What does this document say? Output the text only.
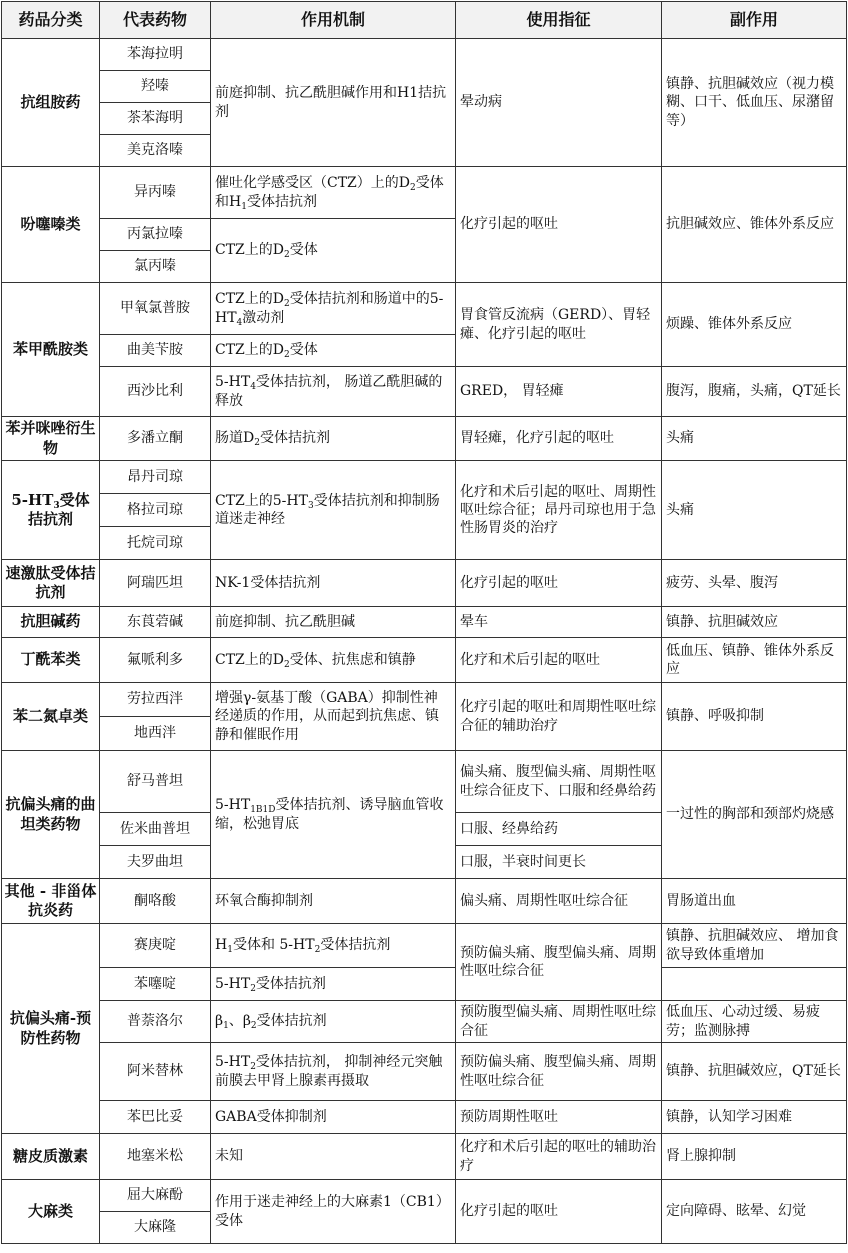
药品分类	代表药物	作用机制	使用指征	副作用
抗组胺药	苯海拉明	前庭抑制、抗乙酰胆碱作用和H1拮抗剂	晕动病	镇静、抗胆碱效应（视力模糊、口干、低血压、尿潴留等）
	羟嗪			
	茶苯海明			
	美克洛嗪			
吩噻嗪类	异丙嗪	催吐化学感受区（CTZ）上的$D_2$受体和$H_1$受体拮抗剂	化疗引起的呕吐	抗胆碱效应、锥体外系反应
	丙氯拉嗪	CTZ上的$D_2$受体		
	氯丙嗪			
苯甲酰胺类	甲氧氯普胺	CTZ上的$D_2$受体拮抗剂和肠道中的$5-HT_4$激动剂	胃食管反流病（GERD）、胃轻瘫、化疗引起的呕吐	烦躁、锥体外系反应
	曲美苄胺	CTZ上的$D_2$受体		
	西沙比利	$5-HT_4$受体拮抗剂， 肠道乙酰胆碱的释放	GRED， 胃轻瘫	腹泻，腹痛，头痛，QT延长
苯并咪唑衍生物	多潘立酮	肠道$D_2$受体拮抗剂	胃轻瘫，化疗引起的呕吐	头痛
$5-HT_3$受体拮抗剂	昂丹司琼	CTZ上的$5-HT_3$受体拮抗剂和抑制肠道迷走神经	化疗和术后引起的呕吐、周期性呕吐综合征；昂丹司琼也用于急性肠胃炎的治疗	头痛
	格拉司琼			
	托烷司琼			
速激肽受体拮抗剂	阿瑞匹坦	NK-1受体拮抗剂	化疗引起的呕吐	疲劳、头晕、腹泻
抗胆碱药	东莨菪碱	前庭抑制、抗乙酰胆碱	晕车	镇静、抗胆碱效应
丁酰苯类	氟哌利多	CTZ上的$D_2$受体、抗焦虑和镇静	化疗和术后引起的呕吐	低血压、镇静、锥体外系反应
苯二氮卓类	劳拉西泮	增强γ-氨基丁酸（GABA）抑制性神经递质的作用，从而起到抗焦虑、镇静和催眠作用	化疗引起的呕吐和周期性呕吐综合征的辅助治疗	镇静、呼吸抑制
	地西泮			
抗偏头痛的曲坦类药物	舒马普坦	$5-HT_{1B1D}$受体拮抗剂、诱导脑血管收缩，松弛胃底	偏头痛、腹型偏头痛、周期性呕吐综合征皮下、口服和经鼻给药	一过性的胸部和颈部灼烧感
	佐米曲普坦		口服、经鼻给药	
	夫罗曲坦		口服，半衰时间更长	
其他 - 非甾体抗炎药	酮咯酸	环氧合酶抑制剂	偏头痛、周期性呕吐综合征	胃肠道出血
抗偏头痛-预防性药物	赛庚啶	$H_1$受体和 $5-HT_2$受体拮抗剂	预防偏头痛、腹型偏头痛、周期性呕吐综合征	镇静、抗胆碱效应、 增加食欲导致体重增加
	苯噻啶	$5-HT_2$受体拮抗剂		
	普萘洛尔	$\beta_1$、$\beta_2$受体拮抗剂	预防腹型偏头痛、周期性呕吐综合征	低血压、心动过缓、易疲劳；监测脉搏
	阿米替林	$5-HT_2$受体拮抗剂， 抑制神经元突触前膜去甲肾上腺素再摄取	预防偏头痛、腹型偏头痛、周期性呕吐综合征	镇静、抗胆碱效应，QT延长
	苯巴比妥	GABA受体抑制剂	预防周期性呕吐	镇静，认知学习困难
糖皮质激素	地塞米松	未知	化疗和术后引起的呕吐的辅助治疗	肾上腺抑制
大麻类	屈大麻酚	作用于迷走神经上的大麻素1（CB1）受体	化疗引起的呕吐	定向障碍、眩晕、幻觉
	大麻隆			
